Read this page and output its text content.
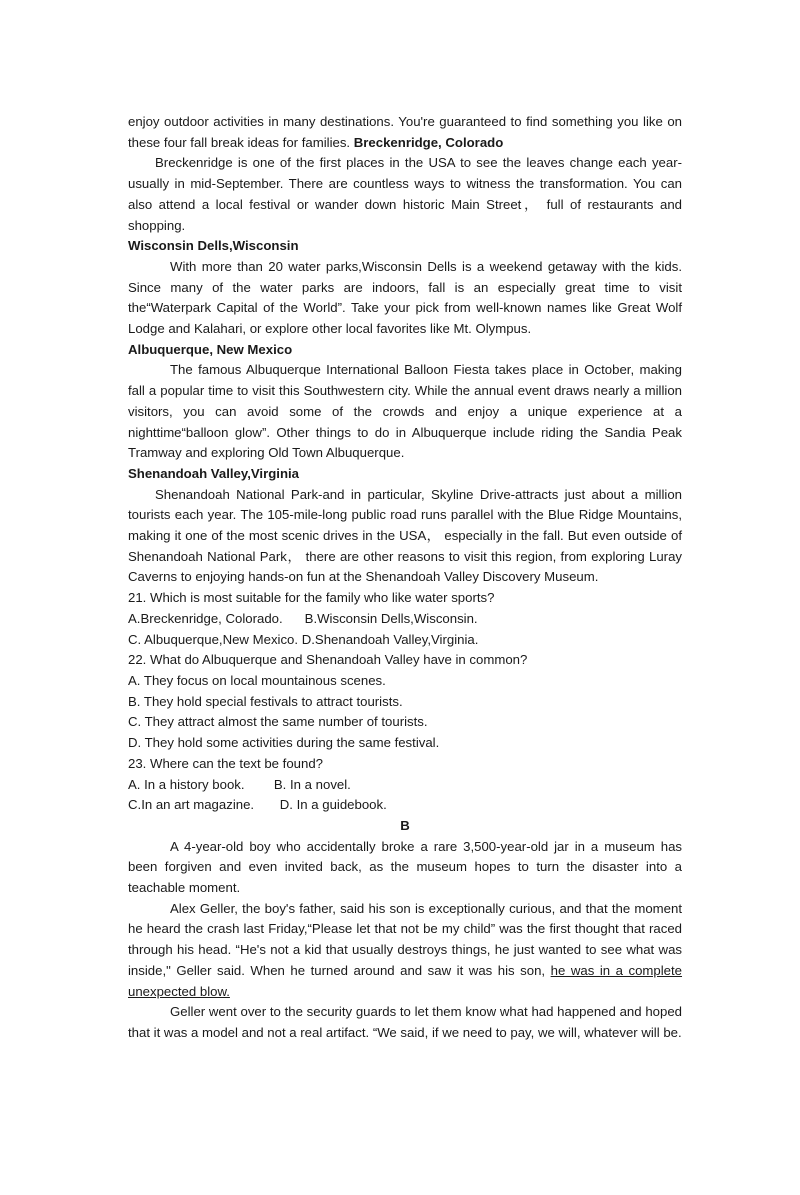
enjoy outdoor activities in many destinations. You're guaranteed to find something you like on these four fall break ideas for families. Breckenridge, Colorado

Breckenridge is one of the first places in the USA to see the leaves change each year- usually in mid-September. There are countless ways to witness the transformation. You can also attend a local festival or wander down historic Main Street， full of restaurants and shopping.

Wisconsin Dells,Wisconsin

With more than 20 water parks,Wisconsin Dells is a weekend getaway with the kids. Since many of the water parks are indoors, fall is an especially great time to visit the“Waterpark Capital of the World”. Take your pick from well-known names like Great Wolf Lodge and Kalahari, or explore other local favorites like Mt. Olympus.

Albuquerque, New Mexico

The famous Albuquerque International Balloon Fiesta takes place in October, making fall a popular time to visit this Southwestern city. While the annual event draws nearly a million visitors, you can avoid some of the crowds and enjoy a unique experience at a nighttime“balloon glow”. Other things to do in Albuquerque include riding the Sandia Peak Tramway and exploring Old Town Albuquerque.

Shenandoah Valley,Virginia

Shenandoah National Park-and in particular, Skyline Drive-attracts just about a million tourists each year. The 105-mile-long public road runs parallel with the Blue Ridge Mountains, making it one of the most scenic drives in the USA， especially in the fall. But even outside of Shenandoah National Park， there are other reasons to visit this region, from exploring Luray Caverns to enjoying hands-on fun at the Shenandoah Valley Discovery Museum.

21. Which is most suitable for the family who like water sports?

A.Breckenridge, Colorado.      B.Wisconsin Dells,Wisconsin.

C. Albuquerque,New Mexico. D.Shenandoah Valley,Virginia.

22. What do Albuquerque and Shenandoah Valley have in common?

A. They focus on local mountainous scenes.

B. They hold special festivals to attract tourists.

C. They attract almost the same number of tourists.

D. They hold some activities during the same festival.

23. Where can the text be found?

A. In a history book.        B. In a novel.

C.In an art magazine.       D. In a guidebook.

B

A 4-year-old boy who accidentally broke a rare 3,500-year-old jar in a museum has been forgiven and even invited back, as the museum hopes to turn the disaster into a teachable moment.

Alex Geller, the boy's father, said his son is exceptionally curious, and that the moment he heard the crash last Friday,“Please let that not be my child” was the first thought that raced through his head. “He's not a kid that usually destroys things, he just wanted to see what was inside," Geller said. When he turned around and saw it was his son, he was in a complete unexpected blow.

Geller went over to the security guards to let them know what had happened and hoped that it was a model and not a real artifact. “We said, if we need to pay, we will, whatever will be.
